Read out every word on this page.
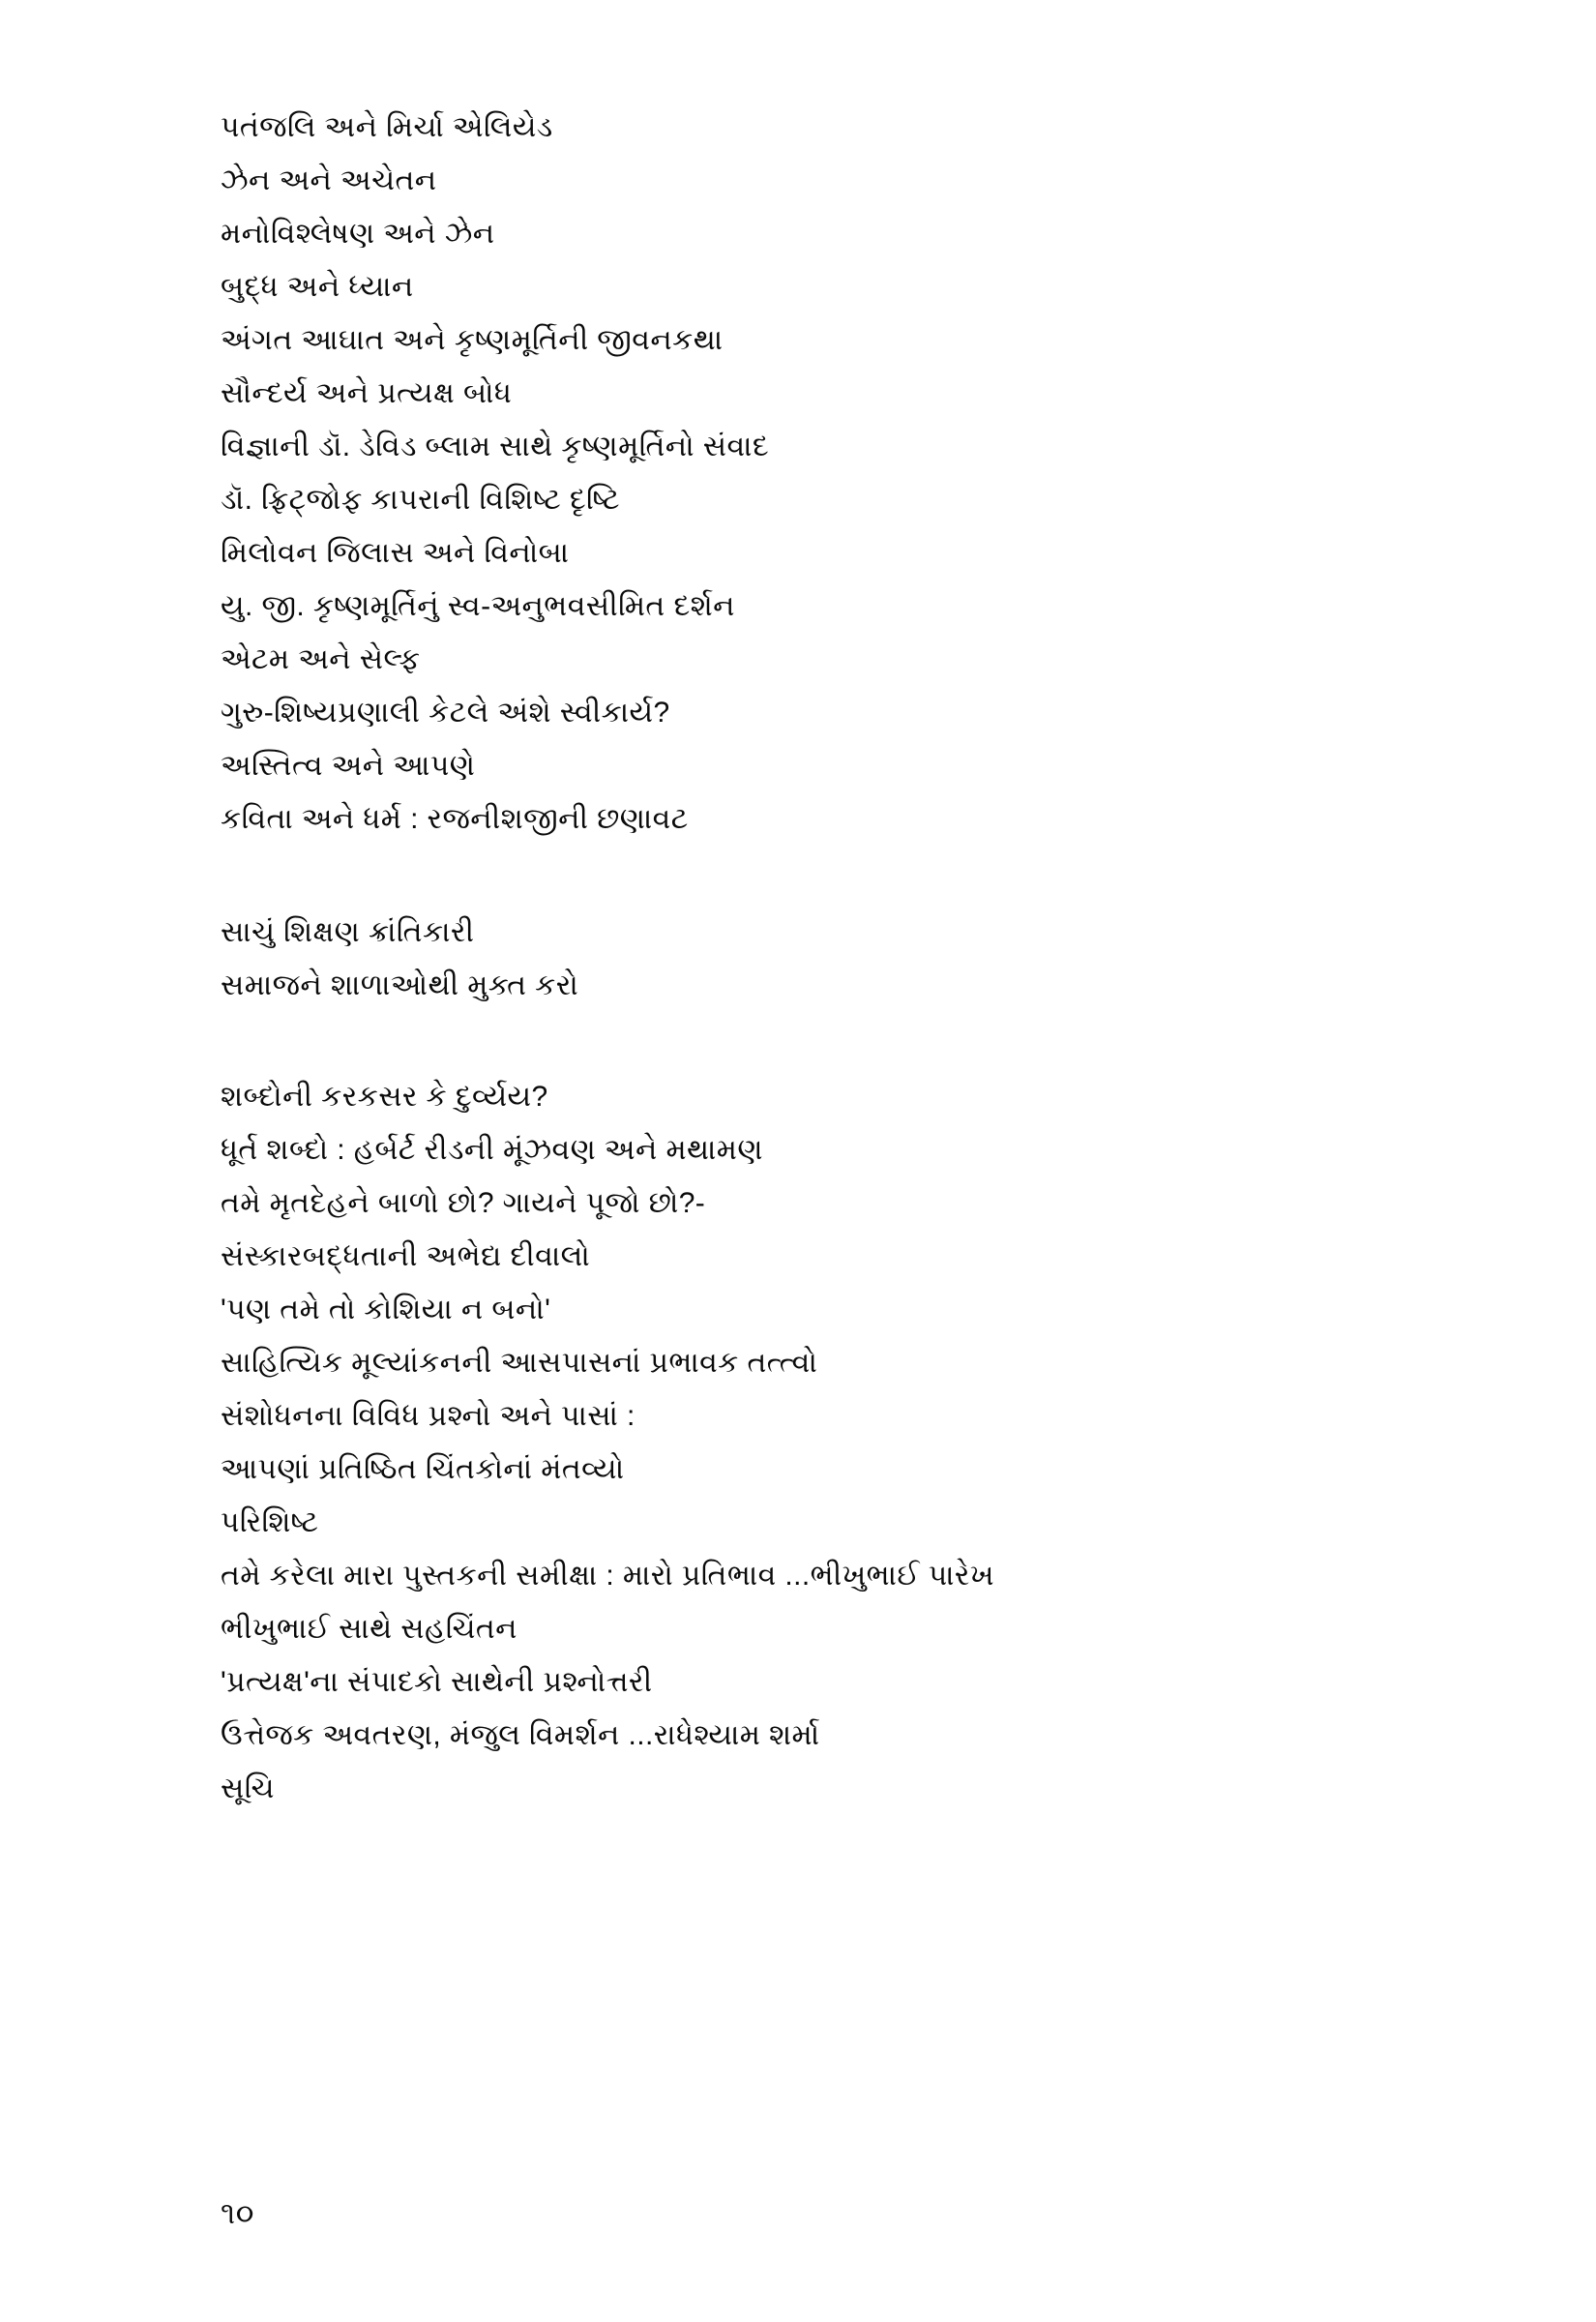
પતંજલિ અને મિર્ચા એલિયેડ
ઝેન અને અચેતન
મનોવિશ્લેષણ અને ઝેન
બુદ્ધ અને ધ્યાન
અંગત આઘાત અને કૃષ્ણમૂર્તિની જીવનકથા
સૌન્દર્ય અને પ્રત્યક્ષ બોધ
વિજ્ઞાની ડૉ. ડેવિડ બ્લામ સાથે કૃષ્ણમૂર્તિનો સંવાદ
ડૉ. ફ્રિટ્જોફ કાપરાની વિશિષ્ટ દૃષ્ટિ
મિલોવન જિલાસ અને વિનોબા
યુ. જી. કૃષ્ણમૂર્તિનું સ્વ-અનુભવસીમિત દર્શન
એટમ અને સેલ્ફ
ગુરુ-શિષ્યપ્રણાલી કેટલે અંશે સ્વીકાર્ય?
અસ્તિત્વ અને આપણે
કવિતા અને ધર્મ : રજનીશજીની છણાવટ
સાચું શિક્ષણ ક્રાંતિકારી
સમાજને શાળાઓથી મુક્ત કરો
શબ્દોની કરકસર કે દુર્વ્યય?
ધૂર્ત શબ્દો : હર્બર્ટ રીડની મૂંઝવણ અને મથામણ
તમે મૃતદેહને બાળો છો? ગાયને પૂજો છો?-
સંસ્કારબદ્ધતાની અભેદ્ય દીવાલો
'પણ તમે તો કોશિયા ન બનો'
સાહિત્યિક મૂલ્યાંકનની આસપાસનાં પ્રભાવક તત્ત્વો
સંશોધનના વિવિધ પ્રશ્નો અને પાસાં :
આપણાં પ્રતિષ્ઠિત ચિંતકોનાં મંતવ્યો
પરિશિષ્ટ
તમે કરેલા મારા પુસ્તકની સમીક્ષા : મારો પ્રતિભાવ ...ભીખુભાઈ પારેખ
ભીખુભાઈ સાથે સહચિંતન
'પ્રત્યક્ષ'ના સંપાદકો સાથેની પ્રશ્નોત્તરી
ઉત્તેજક અવતરણ, મંજુલ વિમર્શન ...રાધેશ્યામ શર્મા
સૂચિ
૧૦
